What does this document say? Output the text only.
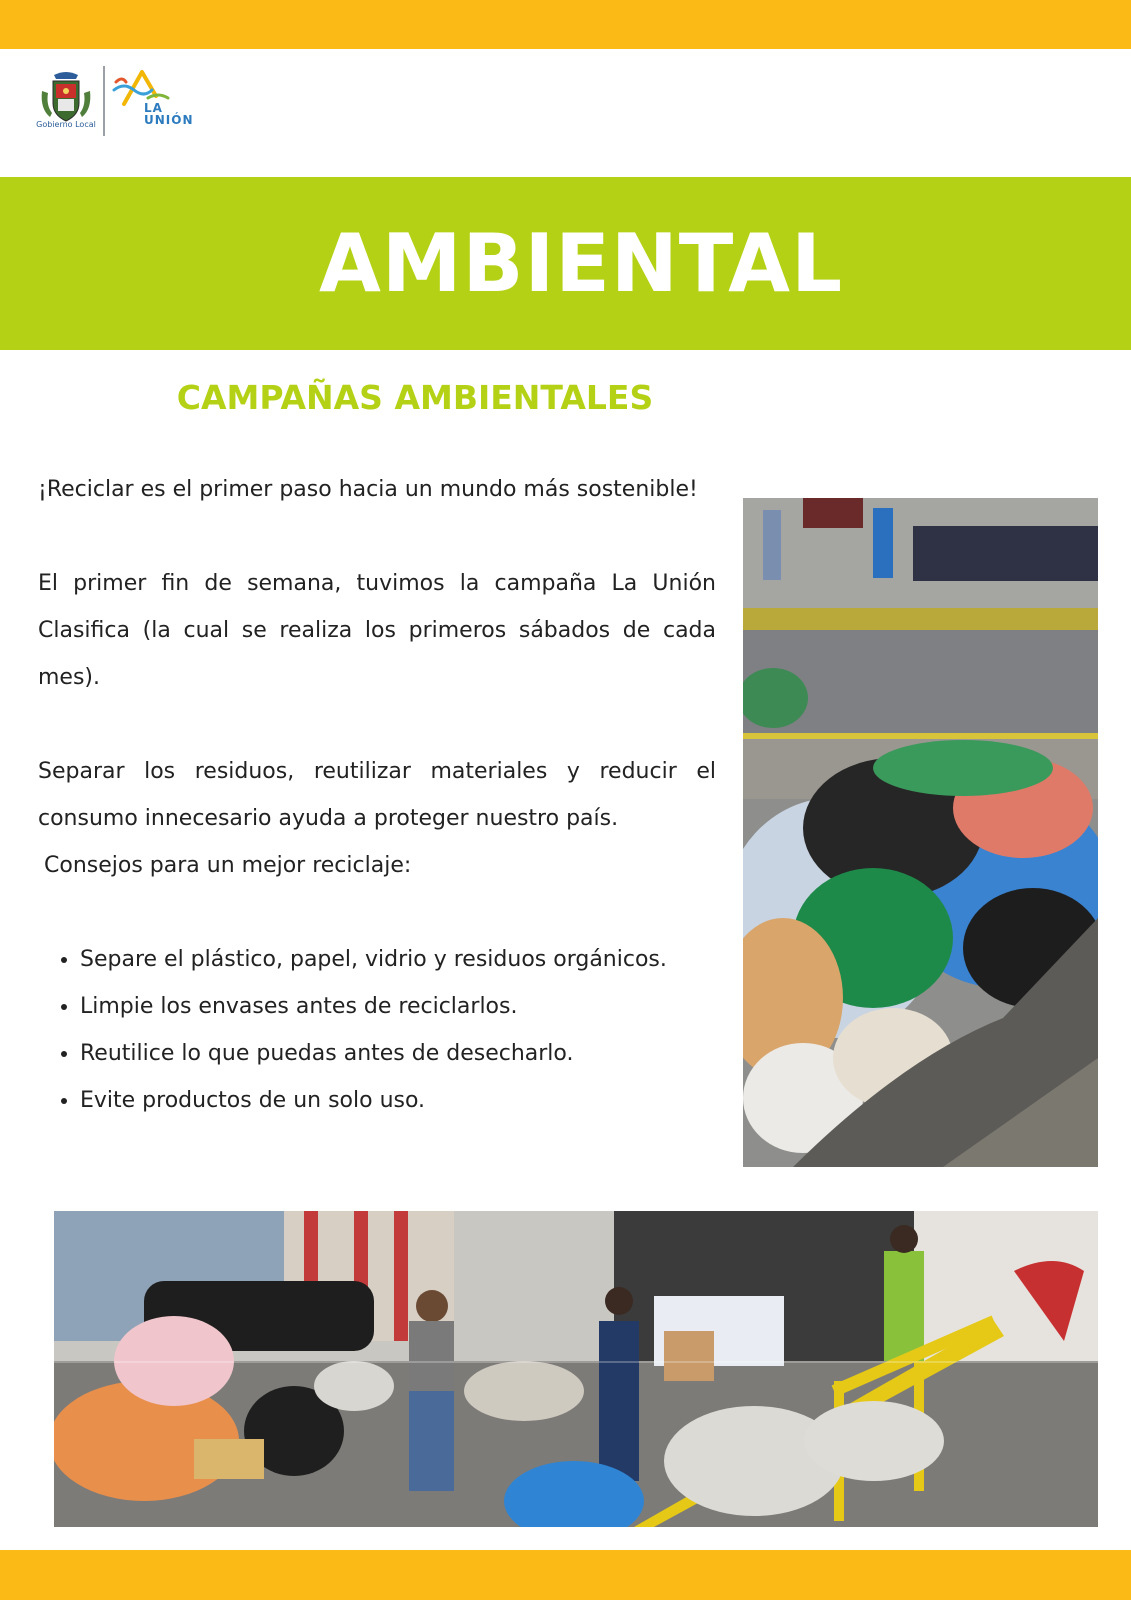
Gobierno Local
LA
UNIÓN
AMBIENTAL
CAMPAÑAS AMBIENTALES

¡Reciclar es el primer paso hacia un mundo más sostenible!

El primer fin de semana, tuvimos la campaña La Unión Clasifica (la cual se realiza los primeros sábados de cada mes).

Separar los residuos, reutilizar materiales y reducir el consumo innecesario ayuda a proteger nuestro país.

Consejos para un mejor reciclaje:

• Separe el plástico, papel, vidrio y residuos orgánicos.
• Limpie los envases antes de reciclarlos.
• Reutilice lo que puedas antes de desecharlo.
• Evite productos de un solo uso.
